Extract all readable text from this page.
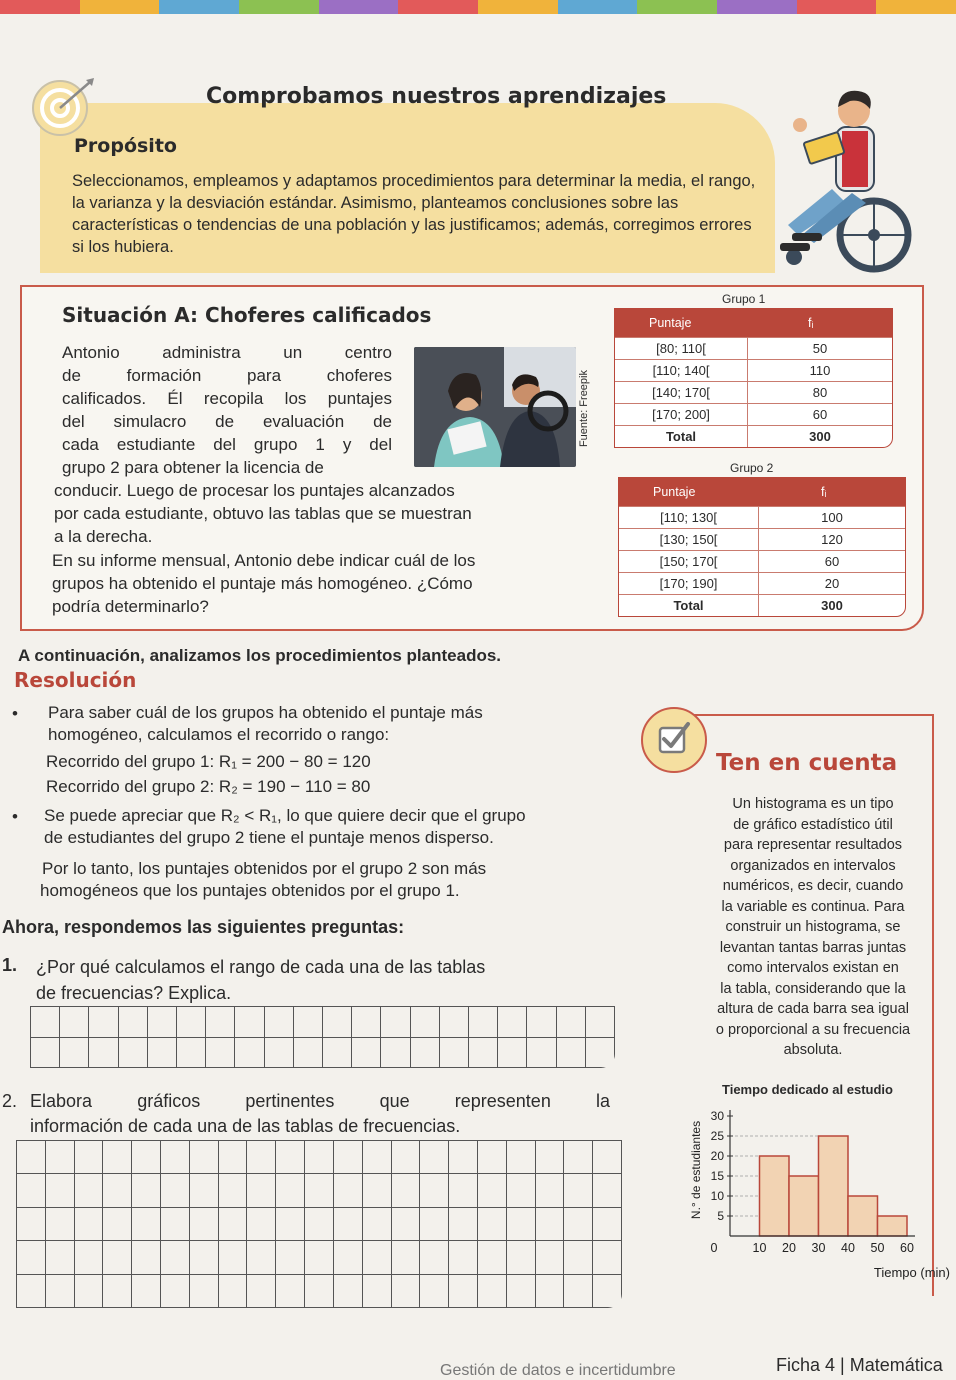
Comprobamos nuestros aprendizajes
Propósito
Seleccionamos, empleamos y adaptamos procedimientos para determinar la media, el rango, la varianza y la desviación estándar. Asimismo, planteamos conclusiones sobre las características o tendencias de una población y las justificamos; además, corregimos errores si los hubiera.
Situación A: Choferes calificados
Antonio administra un centro
de formación para choferes
calificados. Él recopila los puntajes
del simulacro de evaluación de
cada estudiante del grupo 1 y del
grupo 2 para obtener la licencia de
conducir. Luego de procesar los puntajes alcanzados
por cada estudiante, obtuvo las tablas que se muestran
a la derecha.
En su informe mensual, Antonio debe indicar cuál de los
grupos ha obtenido el puntaje más homogéneo. ¿Cómo
podría determinarlo?
Fuente: Freepik
Grupo 1
Puntaje	fᵢ
[80; 110[	50
[110; 140[	110
[140; 170[	80
[170; 200]	60
Total	300
Grupo 2
Puntaje	fᵢ
[110; 130[	100
[130; 150[	120
[150; 170[	60
[170; 190]	20
Total	300
A continuación, analizamos los procedimientos planteados.
Resolución
• Para saber cuál de los grupos ha obtenido el puntaje más
homogéneo, calculamos el recorrido o rango:
Recorrido del grupo 1: R₁ = 200 − 80 = 120
Recorrido del grupo 2: R₂ = 190 − 110 = 80
• Se puede apreciar que R₂ < R₁, lo que quiere decir que el grupo
de estudiantes del grupo 2 tiene el puntaje menos disperso.
Por lo tanto, los puntajes obtenidos por el grupo 2 son más
homogéneos que los puntajes obtenidos por el grupo 1.
Ahora, respondemos las siguientes preguntas:
1. ¿Por qué calculamos el rango de cada una de las tablas
de frecuencias? Explica.
2. Elabora gráficos pertinentes que representen la
información de cada una de las tablas de frecuencias.
Ten en cuenta
Un histograma es un tipo
de gráfico estadístico útil
para representar resultados
organizados en intervalos
numéricos, es decir, cuando
la variable es continua. Para
construir un histograma, se
levantan tantas barras juntas
como intervalos existan en
la tabla, considerando que la
altura de cada barra sea igual
o proporcional a su frecuencia
absoluta.
Tiempo dedicado al estudio
5
10
15
20
25
30
0	10 20 30 40 50 60
N.° de estudiantes
Tiempo (min)
Gestión de datos e incertidumbre	Ficha 4 | Matemática
